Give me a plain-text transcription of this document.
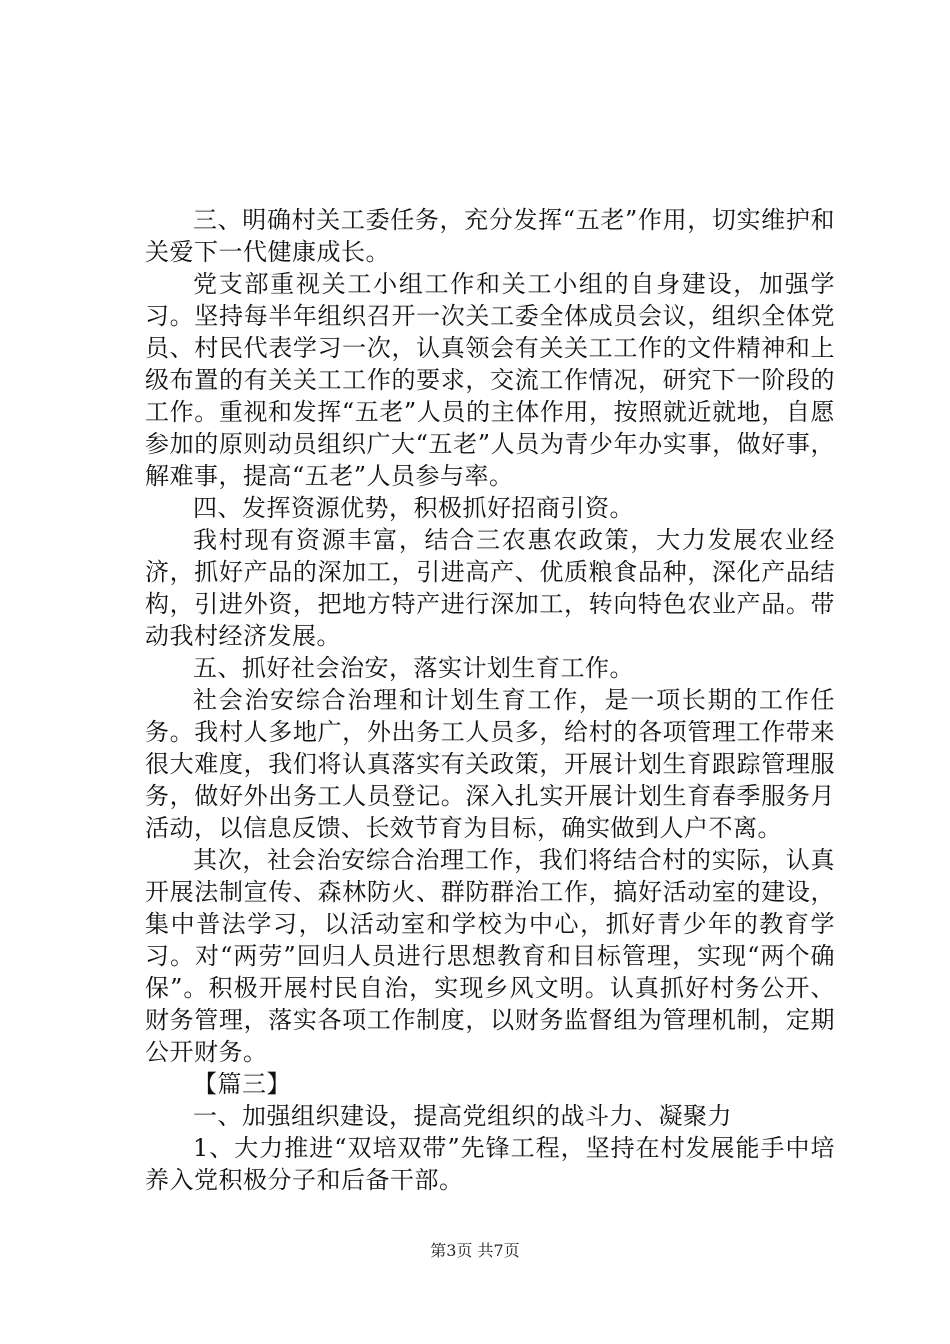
三、明确村关工委任务，充分发挥“五老”作用，切实维护和关爱下一代健康成长。

党支部重视关工小组工作和关工小组的自身建设，加强学习。坚持每半年组织召开一次关工委全体成员会议，组织全体党员、村民代表学习一次，认真领会有关关工工作的文件精神和上级布置的有关关工工作的要求，交流工作情况，研究下一阶段的工作。重视和发挥“五老”人员的主体作用，按照就近就地，自愿参加的原则动员组织广大“五老”人员为青少年办实事，做好事，解难事，提高“五老”人员参与率。

四、发挥资源优势，积极抓好招商引资。

我村现有资源丰富，结合三农惠农政策，大力发展农业经济，抓好产品的深加工，引进高产、优质粮食品种，深化产品结构，引进外资，把地方特产进行深加工，转向特色农业产品。带动我村经济发展。

五、抓好社会治安，落实计划生育工作。

社会治安综合治理和计划生育工作，是一项长期的工作任务。我村人多地广，外出务工人员多，给村的各项管理工作带来很大难度，我们将认真落实有关政策，开展计划生育跟踪管理服务，做好外出务工人员登记。深入扎实开展计划生育春季服务月活动，以信息反馈、长效节育为目标，确实做到人户不离。

其次，社会治安综合治理工作，我们将结合村的实际，认真开展法制宣传、森林防火、群防群治工作，搞好活动室的建设，集中普法学习，以活动室和学校为中心，抓好青少年的教育学习。对“两劳”回归人员进行思想教育和目标管理，实现“两个确保”。积极开展村民自治，实现乡风文明。认真抓好村务公开、财务管理，落实各项工作制度，以财务监督组为管理机制，定期公开财务。

【篇三】

一、加强组织建设，提高党组织的战斗力、凝聚力

1、大力推进“双培双带”先锋工程，坚持在村发展能手中培养入党积极分子和后备干部。

第3页 共7页
